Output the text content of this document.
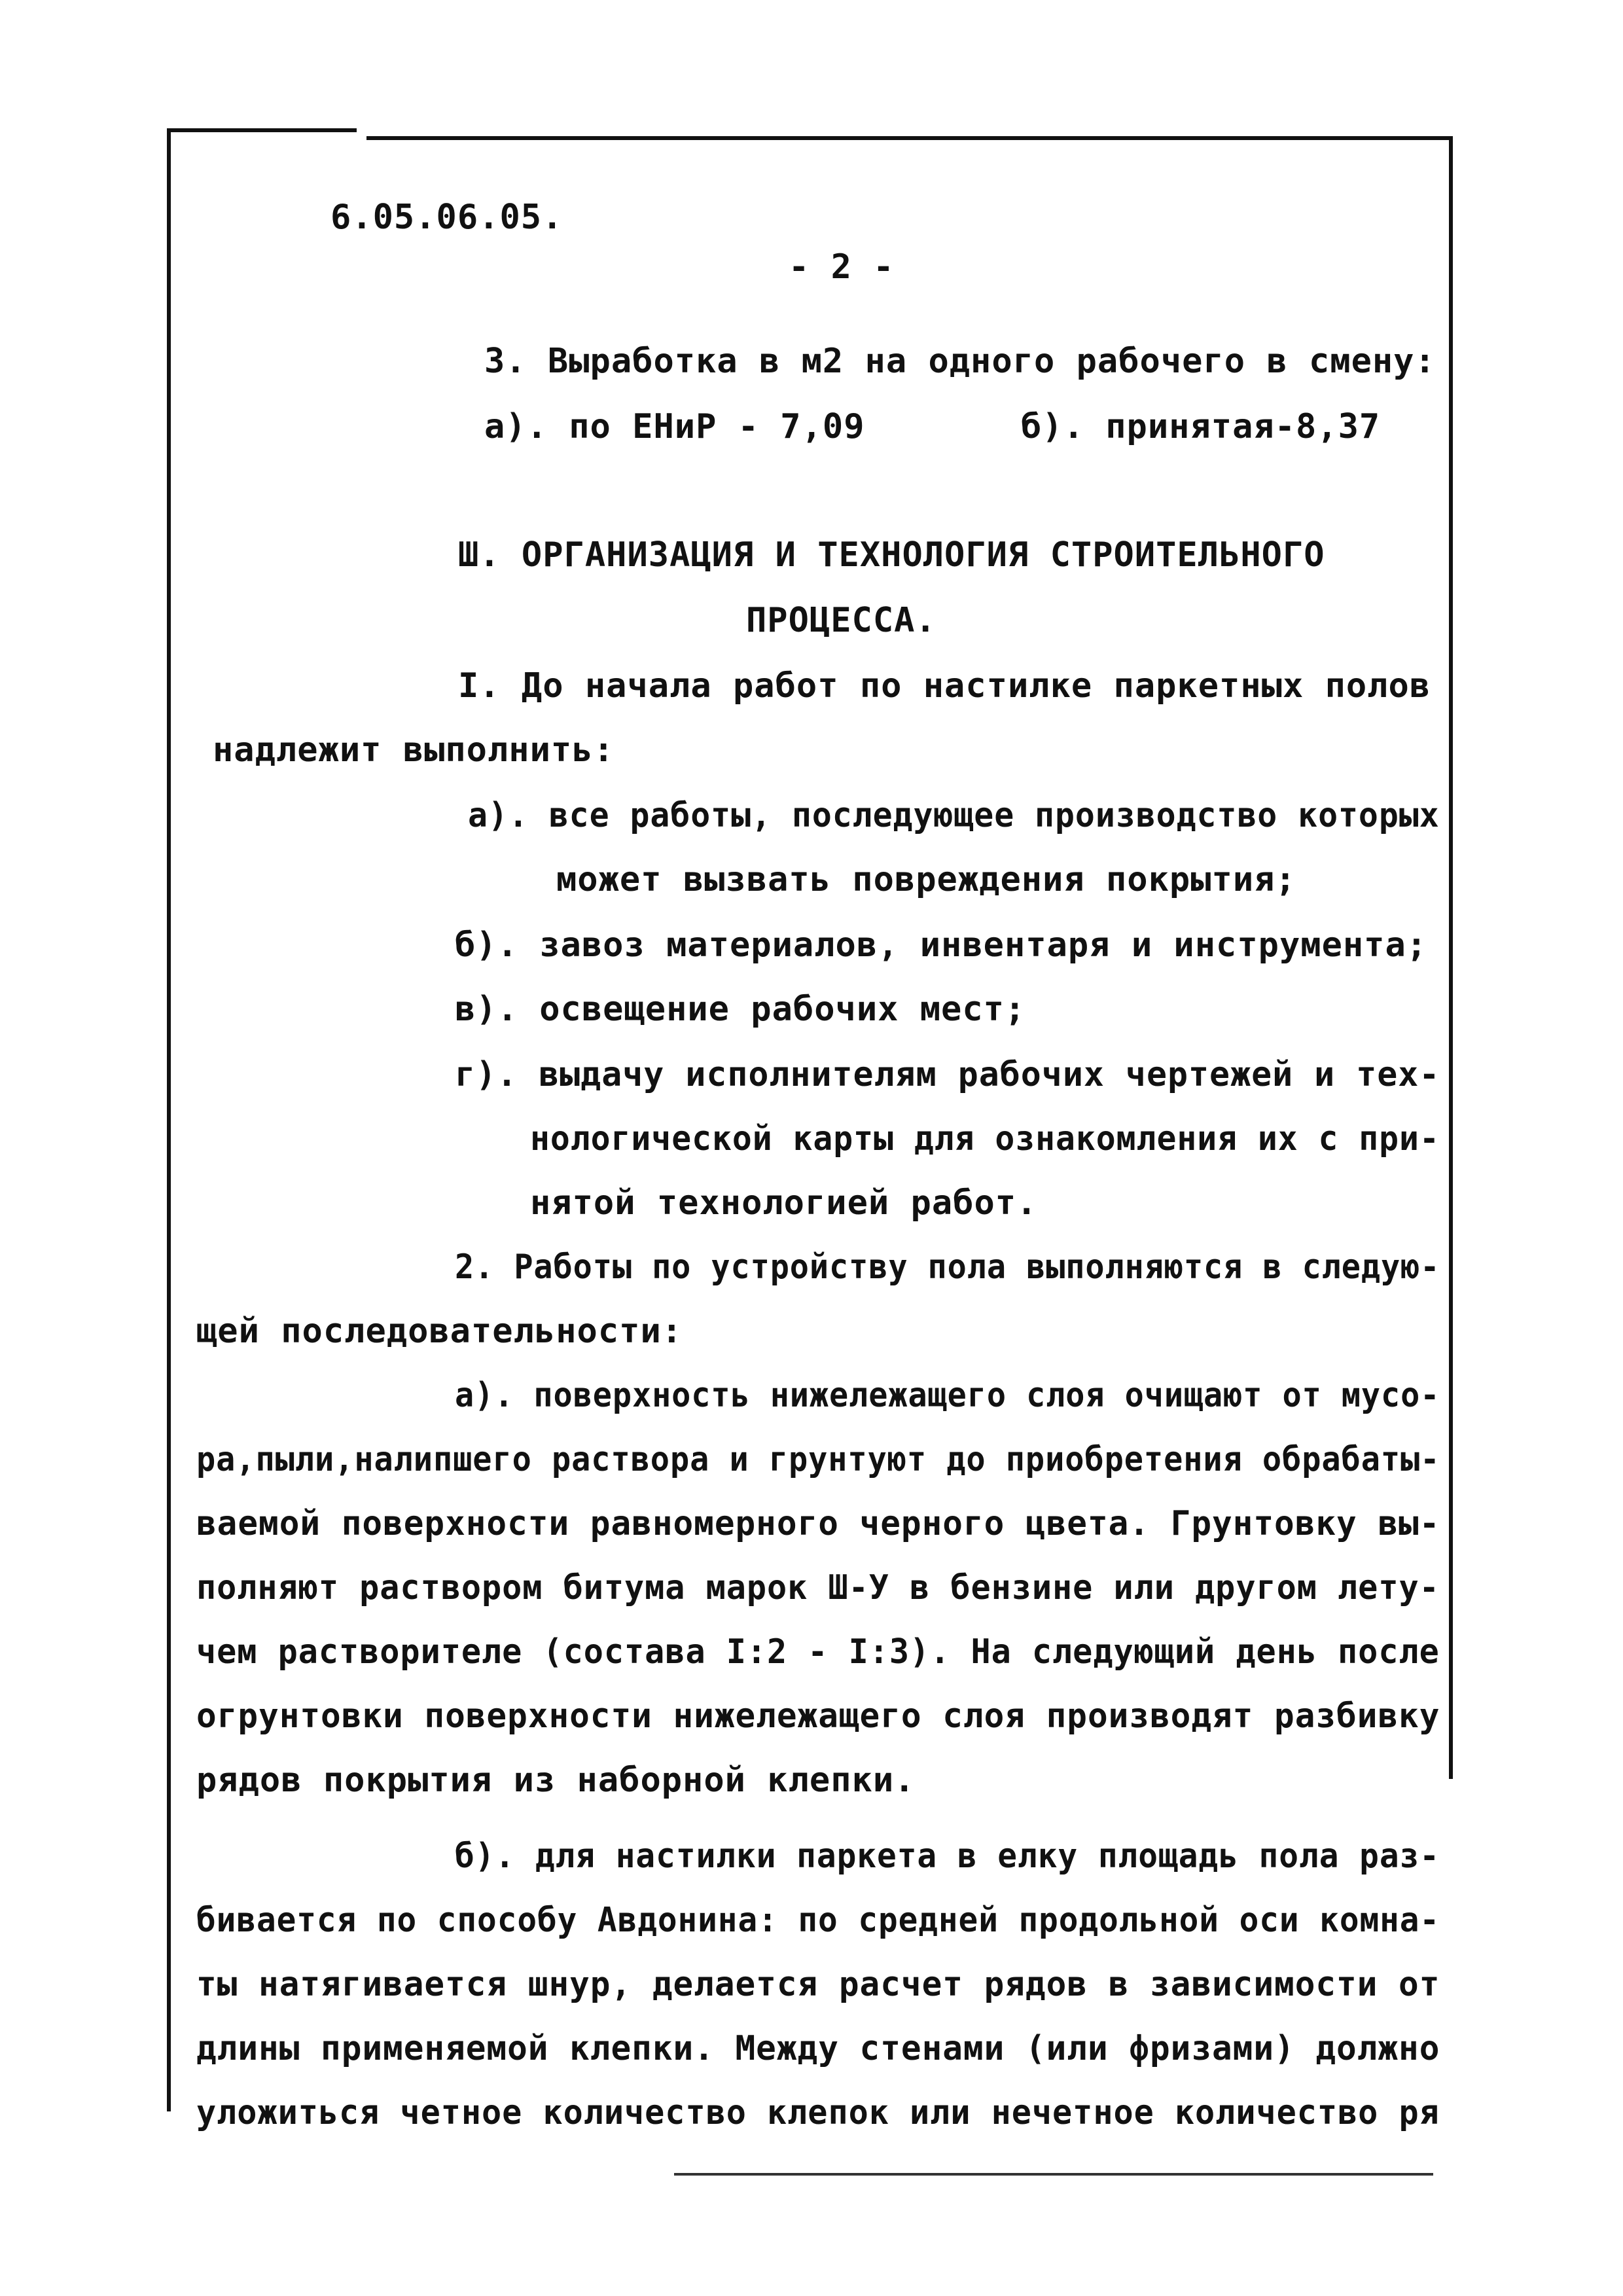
6.05.06.05.
- 2 -
3. Выработка в м2 на одного рабочего в смену:
а). по ЕНиР - 7,09	б). принятая-8,37
Ш. ОРГАНИЗАЦИЯ И ТЕХНОЛОГИЯ СТРОИТЕЛЬНОГО
ПРОЦЕССА.
I. До начала работ по настилке паркетных полов
надлежит выполнить:
а). все работы, последующее производство которых
может вызвать повреждения покрытия;
б). завоз материалов, инвентаря и инструмента;
в). освещение рабочих мест;
г). выдачу исполнителям рабочих чертежей и тех-
нологической карты для ознакомления их с при-
нятой технологией работ.
2. Работы по устройству пола выполняются в следую-
щей последовательности:
а). поверхность нижележащего слоя очищают от мусо-
ра,пыли,налипшего раствора и грунтуют до приобретения обрабаты-
ваемой поверхности равномерного черного цвета. Грунтовку вы-
полняют раствором битума марок Ш-У в бензине или другом лету-
чем растворителе (состава I:2 - I:3). На следующий день после
огрунтовки поверхности нижележащего слоя производят разбивку
рядов покрытия из наборной клепки.
б). для настилки паркета в елку площадь пола раз-
бивается по способу Авдонина: по средней продольной оси комна-
ты натягивается шнур, делается расчет рядов в зависимости от
длины применяемой клепки. Между стенами (или фризами) должно
уложиться четное количество клепок или нечетное количество ря
